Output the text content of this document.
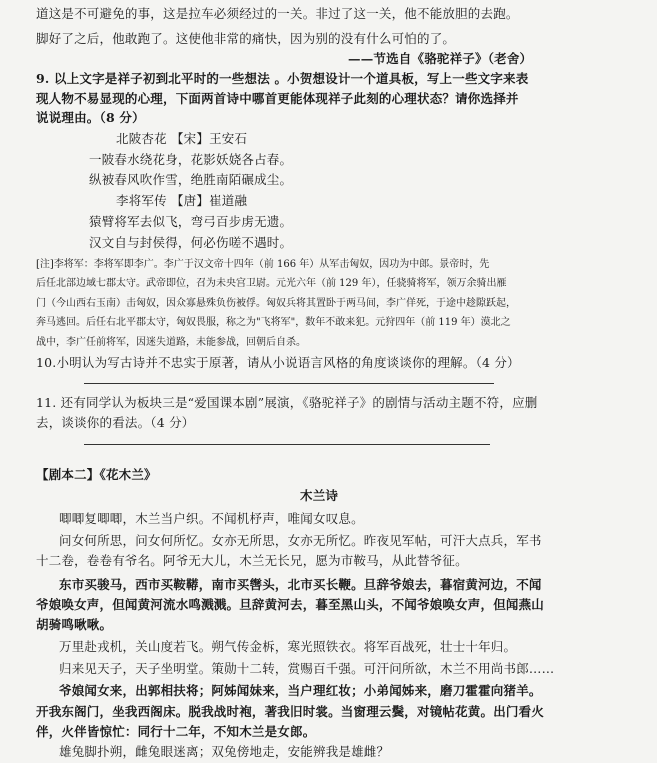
道这是不可避免的事，这是拉车必须经过的一关。非过了这一关，他不能放胆的去跑。
脚好了之后，他敢跑了。这使他非常的痛快，因为别的没有什么可怕的了。
——节选自《骆驼祥子》（老舍）
9. 以上文字是祥子初到北平时的一些想法 。小贺想设计一个道具板，写上一些文字来表
现人物不易显现的心理，下面两首诗中哪首更能体现祥子此刻的心理状态？请你选择并
说说理由。（8 分）
北陂杏花 【宋】王安石
一陂春水绕花身，花影妖娆各占春。
纵被春风吹作雪，绝胜南陌碾成尘。
李将军传 【唐】崔道融
猿臂将军去似飞，弯弓百步虏无遗。
汉文自与封侯得，何必伤嗟不遇时。
[注]李将军：李将军即李广。李广于汉文帝十四年（前 166 年）从军击匈奴，因功为中郎。景帝时，先
后任北部边域七郡太守。武帝即位，召为未央宫卫尉。元光六年（前 129 年），任骁骑将军，领万余骑出雁
门（今山西右玉南）击匈奴，因众寡悬殊负伤被俘。匈奴兵将其置卧于两马间，李广佯死，于途中趁隙跃起，
奔马逃回。后任右北平郡太守，匈奴畏服，称之为"飞将军"，数年不敢来犯。元狩四年（前 119 年）漠北之
战中，李广任前将军，因迷失道路，未能参战，回朝后自杀。
10.小明认为写古诗并不忠实于原著，请从小说语言风格的角度谈谈你的理解。（4 分）
11. 还有同学认为板块三是“爱国课本剧”展演，《骆驼祥子》的剧情与活动主题不符，应删
去，谈谈你的看法。（4 分）
【剧本二】《花木兰》
木兰诗
唧唧复唧唧，木兰当户织。不闻机杼声，唯闻女叹息。
问女何所思，问女何所忆。女亦无所思，女亦无所忆。昨夜见军帖，可汗大点兵，军书
十二卷，卷卷有爷名。阿爷无大儿，木兰无长兄，愿为市鞍马，从此替爷征。
东市买骏马，西市买鞍鞯，南市买辔头，北市买长鞭。旦辞爷娘去，暮宿黄河边，不闻
爷娘唤女声，但闻黄河流水鸣溅溅。旦辞黄河去，暮至黑山头，不闻爷娘唤女声，但闻燕山
胡骑鸣啾啾。
万里赴戎机，关山度若飞。朔气传金柝，寒光照铁衣。将军百战死，壮士十年归。
归来见天子，天子坐明堂。策勋十二转，赏赐百千强。可汗问所欲，木兰不用尚书郎……
爷娘闻女来，出郭相扶将；阿姊闻妹来，当户理红妆；小弟闻姊来，磨刀霍霍向猪羊。
开我东阁门，坐我西阁床。脱我战时袍，著我旧时裳。当窗理云鬓，对镜帖花黄。出门看火
伴，火伴皆惊忙：同行十二年，不知木兰是女郎。
雄兔脚扑朔，雌兔眼迷离；双兔傍地走，安能辨我是雄雌？
